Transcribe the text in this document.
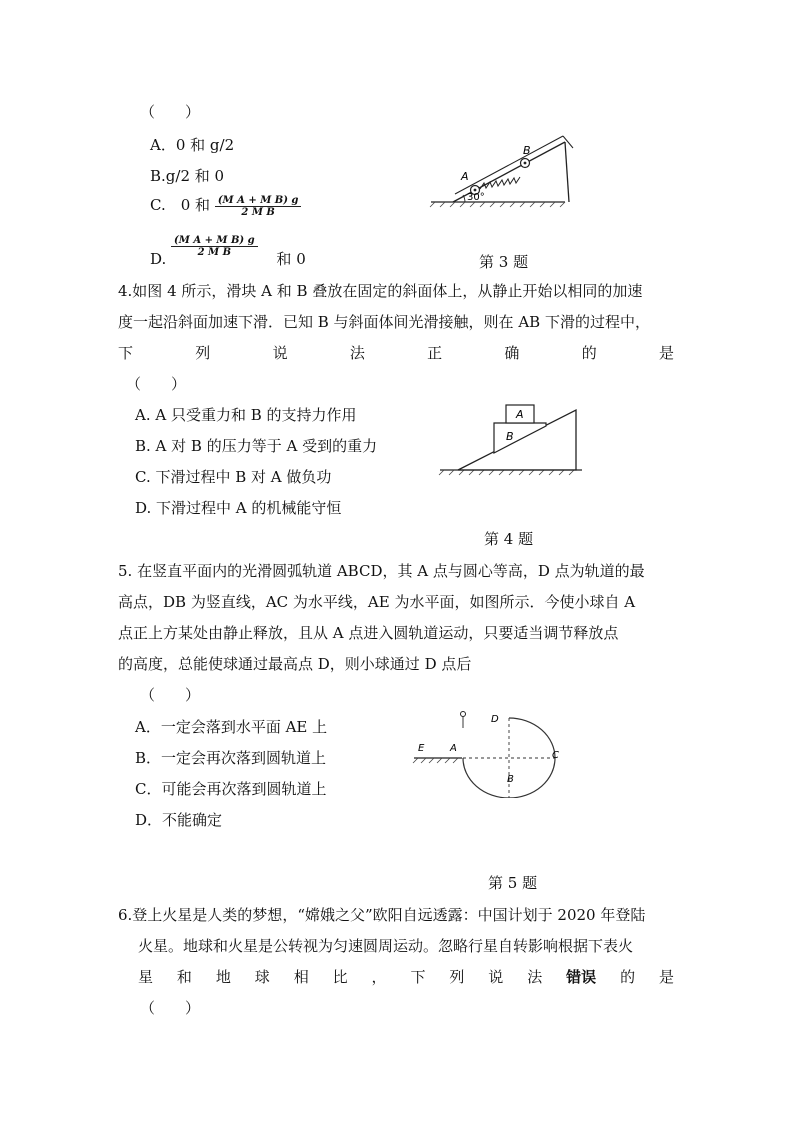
（　　）
A．0 和 g/2
B.g/2 和 0
C.　0 和 $\frac{\text{(M A + M B) g}}{\text{2 M B}}$
D.
$\frac{\text{(M A + M B) g}}{\text{2 M B}}$
和 0
A
B
30°
第 3 题
4.如图 4 所示，滑块 A 和 B 叠放在固定的斜面体上，从静止开始以相同的加速
度一起沿斜面加速下滑．已知 B 与斜面体间光滑接触，则在 AB 下滑的过程中，
下	列	说	法	正	确	的	是
（　　）
A. A 只受重力和 B 的支持力作用
B. A 对 B 的压力等于 A 受到的重力
C. 下滑过程中 B 对 A 做负功
D. 下滑过程中 A 的机械能守恒
A
B
第 4 题
5. 在竖直平面内的光滑圆弧轨道 ABCD，其 A 点与圆心等高，D 点为轨道的最
高点，DB 为竖直线，AC 为水平线，AE 为水平面，如图所示．今使小球自 A
点正上方某处由静止释放，且从 A 点进入圆轨道运动，只要适当调节释放点
的高度，总能使球通过最高点 D，则小球通过 D 点后
（　　）
A．一定会落到水平面 AE 上
B．一定会再次落到圆轨道上
C．可能会再次落到圆轨道上
D．不能确定
E	A
D
C
B
第 5 题
6.登上火星是人类的梦想，“嫦娥之父”欧阳自远透露：中国计划于 2020 年登陆
火星。地球和火星是公转视为匀速圆周运动。忽略行星自转影响根据下表火
星 和 地 球 相 比 ， 下 列 说 法 错误 的 是
（　　）
